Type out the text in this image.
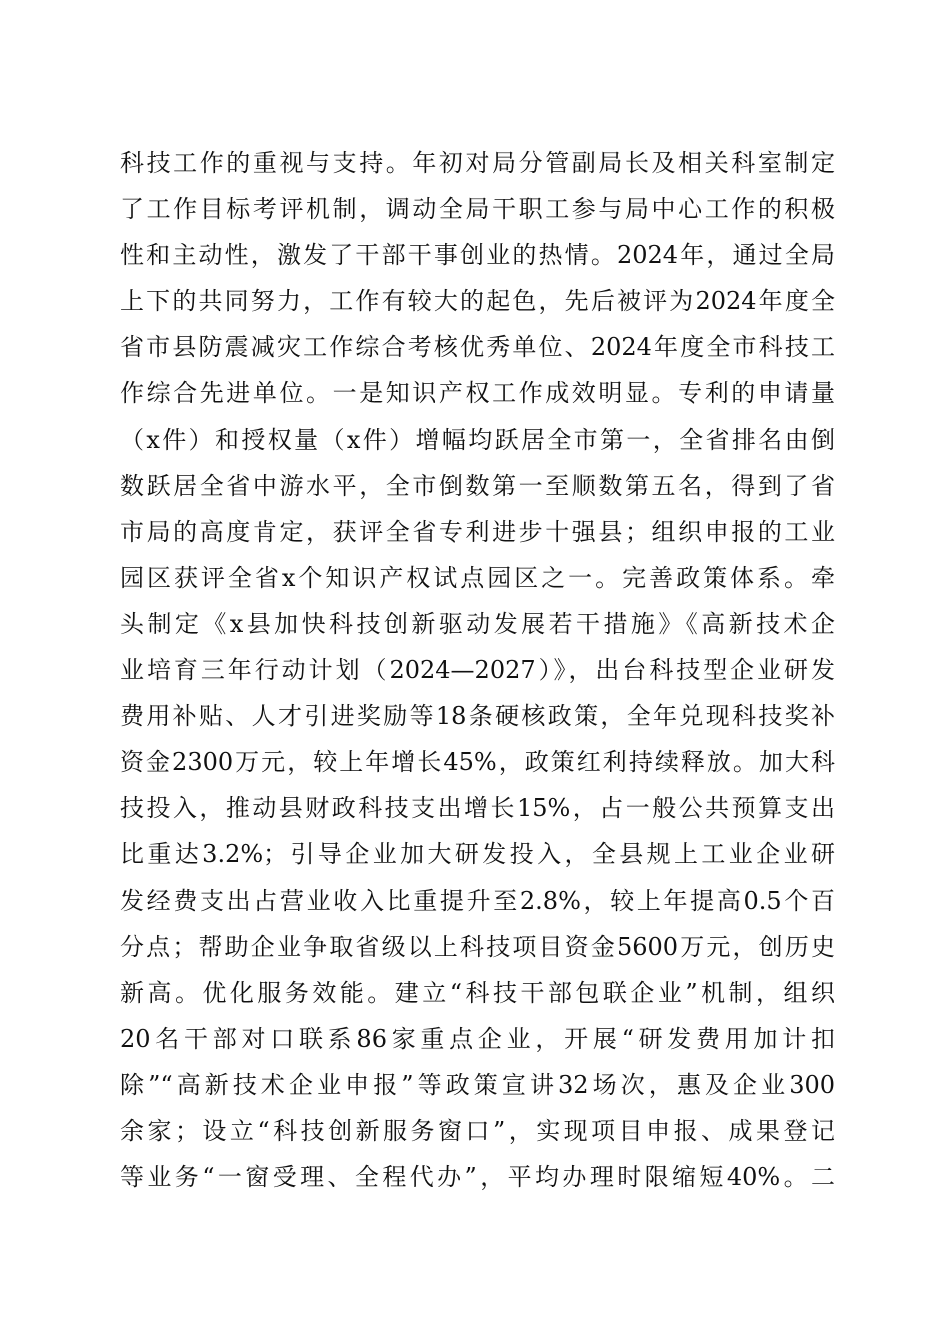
科技工作的重视与支持。年初对局分管副局长及相关科室制定
了工作目标考评机制，调动全局干职工参与局中心工作的积极
性和主动性，激发了干部干事创业的热情。2024年，通过全局
上下的共同努力，工作有较大的起色，先后被评为2024年度全
省市县防震减灾工作综合考核优秀单位、2024年度全市科技工
作综合先进单位。一是知识产权工作成效明显。专利的申请量
（x件）和授权量（x件）增幅均跃居全市第一，全省排名由倒
数跃居全省中游水平，全市倒数第一至顺数第五名，得到了省
市局的高度肯定，获评全省专利进步十强县；组织申报的工业
园区获评全省x个知识产权试点园区之一。完善政策体系。牵
头制定《x县加快科技创新驱动发展若干措施》《高新技术企
业培育三年行动计划（2024—2027）》，出台科技型企业研发
费用补贴、人才引进奖励等18条硬核政策，全年兑现科技奖补
资金2300万元，较上年增长45%，政策红利持续释放。加大科
技投入，推动县财政科技支出增长15%，占一般公共预算支出
比重达3.2%；引导企业加大研发投入，全县规上工业企业研
发经费支出占营业收入比重提升至2.8%，较上年提高0.5个百
分点；帮助企业争取省级以上科技项目资金5600万元，创历史
新高。优化服务效能。建立“科技干部包联企业”机制，组织
20名干部对口联系86家重点企业，开展“研发费用加计扣
除”“高新技术企业申报”等政策宣讲32场次，惠及企业300
余家；设立“科技创新服务窗口”，实现项目申报、成果登记
等业务“一窗受理、全程代办”，平均办理时限缩短40%。二
